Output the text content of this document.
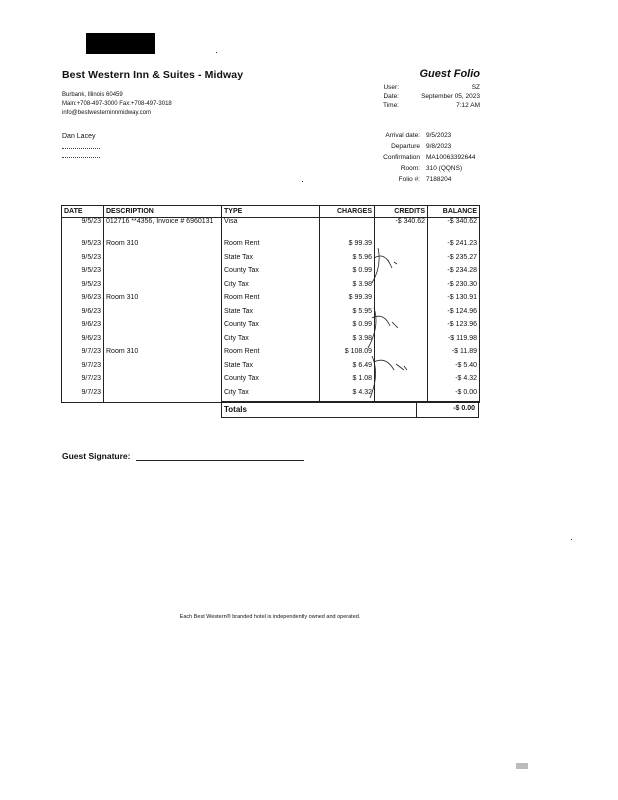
Best Western Inn & Suites - Midway	Guest Folio
Burbank, Illinois 60459
Main:+708-497-3000 Fax:+708-497-3018
info@bestwesterninnmidway.com
User:	SZ
Date:	September 05, 2023
Time:	7:12 AM
Dan Lacey	Arrival date: 9/5/2023
Departure 9/8/2023
Confirmation MA10063392644
Room: 310 (QQNS)
Folio #: 7188204
DATE	DESCRIPTION	TYPE	CHARGES	CREDITS	BALANCE
9/5/23	012716 **4356, Invoice # 6960131	Visa		-$ 340.62	-$ 340.62
9/5/23	Room 310	Room Rent	$ 99.39		-$ 241.23
9/5/23		State Tax	$ 5.96		-$ 235.27
9/5/23		County Tax	$ 0.99		-$ 234.28
9/5/23		City Tax	$ 3.98		-$ 230.30
9/6/23	Room 310	Room Rent	$ 99.39		-$ 130.91
9/6/23		State Tax	$ 5.95		-$ 124.96
9/6/23		County Tax	$ 0.99		-$ 123.96
9/6/23		City Tax	$ 3.98		-$ 119.98
9/7/23	Room 310	Room Rent	$ 108.09		-$ 11.89
9/7/23		State Tax	$ 6.49		-$ 5.40
9/7/23		County Tax	$ 1.08		-$ 4.32
9/7/23		City Tax	$ 4.32		-$ 0.00
Totals	-$ 0.00
Guest Signature:
Each Best Western® branded hotel is independently owned and operated.
